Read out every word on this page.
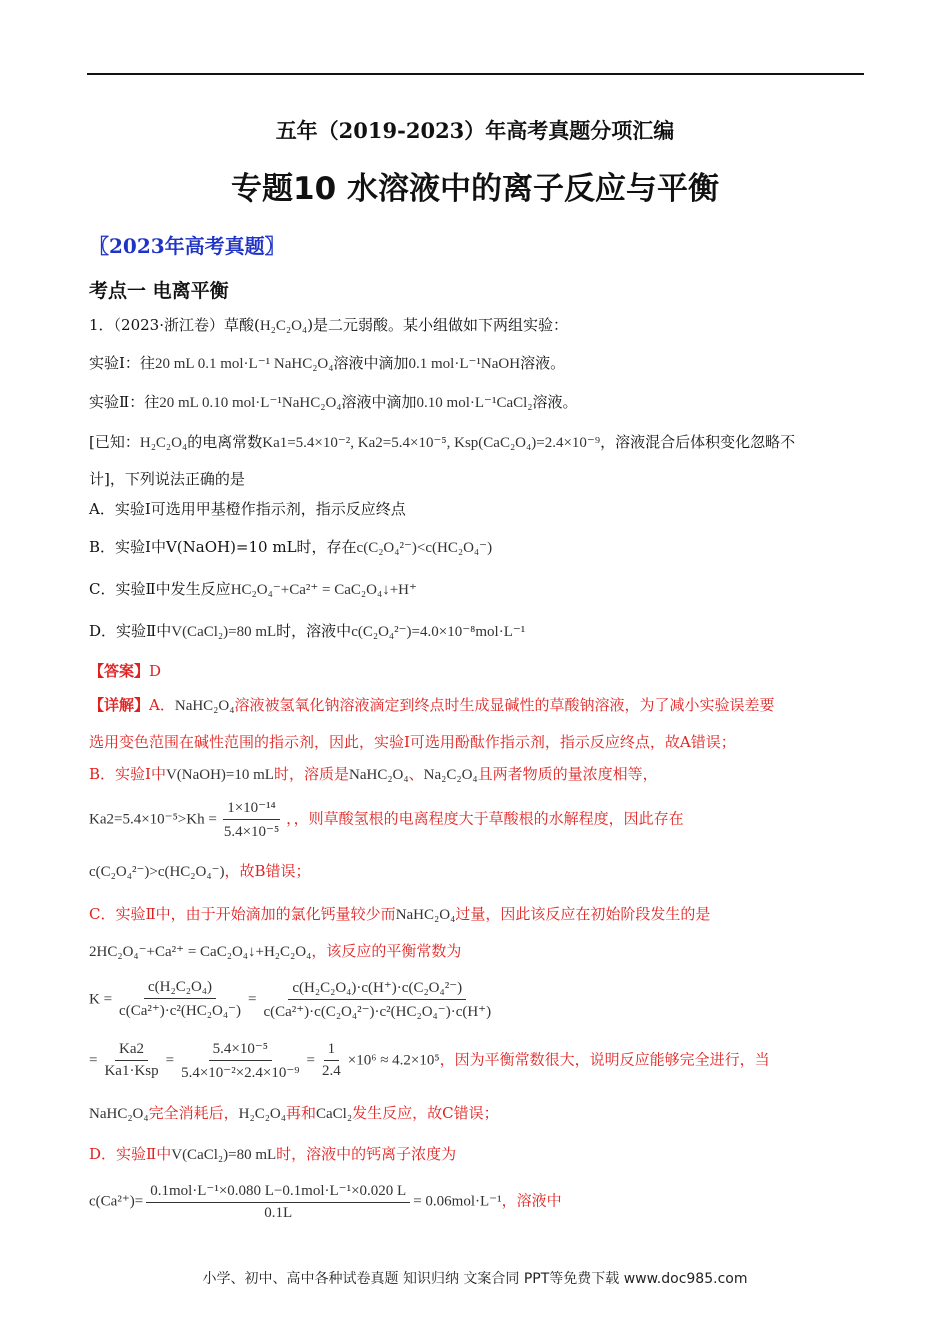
五年（2019-2023）年高考真题分项汇编
专题10 水溶液中的离子反应与平衡
〖2023年高考真题〗
考点一 电离平衡
1．（2023·浙江卷）草酸(H₂C₂O₄)是二元弱酸。某小组做如下两组实验：
实验Ⅰ：往20 mL 0.1 mol·L⁻¹ NaHC₂O₄溶液中滴加0.1 mol·L⁻¹NaOH溶液。
实验Ⅱ：往20 mL 0.10 mol·L⁻¹NaHC₂O₄溶液中滴加0.10 mol·L⁻¹CaCl₂溶液。
[已知：H₂C₂O₄的电离常数Ka1=5.4×10⁻², Ka2=5.4×10⁻⁵, Ksp(CaC₂O₄)=2.4×10⁻⁹，溶液混合后体积变化忽略不
计]，下列说法正确的是
A．实验Ⅰ可选用甲基橙作指示剂，指示反应终点
B．实验Ⅰ中V(NaOH)=10 mL时，存在c(C₂O₄²⁻)<c(HC₂O₄⁻)
C．实验Ⅱ中发生反应HC₂O₄⁻+Ca²⁺ = CaC₂O₄↓+H⁺
D．实验Ⅱ中V(CaCl₂)=80 mL时，溶液中c(C₂O₄²⁻)=4.0×10⁻⁸mol·L⁻¹
【答案】D
【详解】A．NaHC₂O₄溶液被氢氧化钠溶液滴定到终点时生成显碱性的草酸钠溶液，为了减小实验误差要
选用变色范围在碱性范围的指示剂，因此，实验Ⅰ可选用酚酞作指示剂，指示反应终点，故A错误；
B．实验Ⅰ中V(NaOH)=10 mL时，溶质是NaHC₂O₄、Na₂C₂O₄且两者物质的量浓度相等，
$Ka2=5.4\times 10^{-5}>Kh = \frac{\text{1×10⁻¹⁴}}{\text{5.4×10⁻⁵}}$ ，，则草酸氢根的电离程度大于草酸根的水解程度，因此存在
c(C₂O₄²⁻)>c(HC₂O₄⁻)，故B错误；
C．实验Ⅱ中，由于开始滴加的氯化钙量较少而NaHC₂O₄过量，因此该反应在初始阶段发生的是
2HC₂O₄⁻+Ca²⁺ = CaC₂O₄↓+H₂C₂O₄，该反应的平衡常数为
$K = \frac{\text{c(H₂C₂O₄)}}{\text{c(Ca²⁺)·c²(HC₂O₄⁻)}} = \frac{\text{c(H₂C₂O₄)·c(H⁺)·c(C₂O₄²⁻)}}{\text{c(Ca²⁺)·c(C₂O₄²⁻)·c²(HC₂O₄⁻)·c(H⁺)}}$
= $\frac{Ka2}{\text{Ka1·Ksp}} = \frac{\text{5.4×10⁻⁵}}{\text{5.4×10⁻²×2.4×10⁻⁹}} = \frac{1}{2.4} \times 10^6 \approx 4.2\times 10^5$，因为平衡常数很大，说明反应能够完全进行，当
NaHC₂O₄完全消耗后，H₂C₂O₄再和CaCl₂发生反应，故C错误；
D．实验Ⅱ中V(CaCl₂)=80 mL时，溶液中的钙离子浓度为
$c(Ca^{2+})= \frac{\text{0.1mol·L⁻¹×0.080 L−0.1mol·L⁻¹×0.020 L}}{0.1L} = 0.06mol\cdot L^{-1}$，溶液中
小学、初中、高中各种试卷真题 知识归纳 文案合同 PPT等免费下载 www.doc985.com
